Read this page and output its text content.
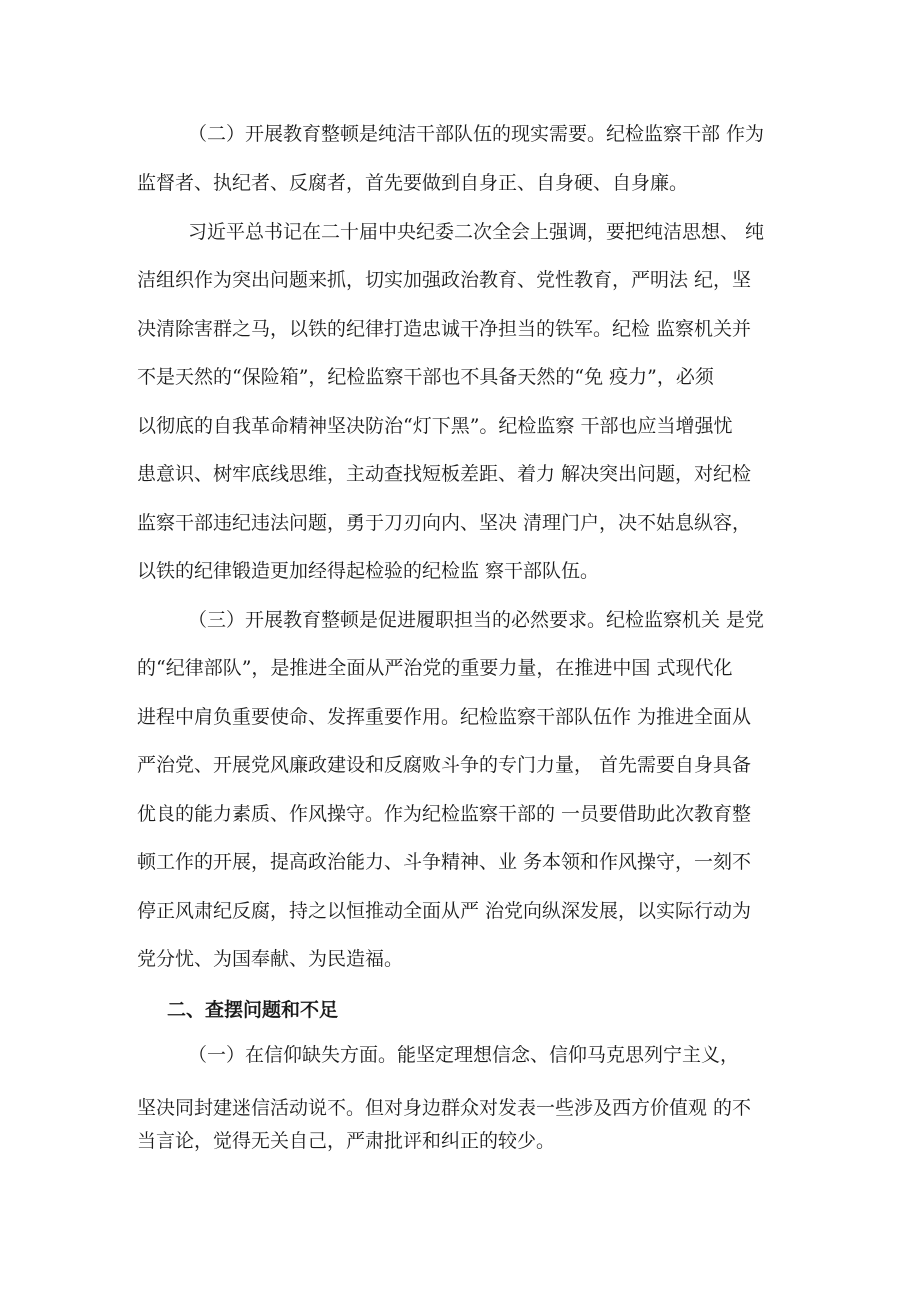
（二）开展教育整顿是纯洁干部队伍的现实需要。纪检监察干部 作为
监督者、执纪者、反腐者，首先要做到自身正、自身硬、自身廉。
习近平总书记在二十届中央纪委二次全会上强调，要把纯洁思想、 纯
洁组织作为突出问题来抓，切实加强政治教育、党性教育，严明法 纪，坚
决清除害群之马，以铁的纪律打造忠诚干净担当的铁军。纪检 监察机关并
不是天然的“保险箱”，纪检监察干部也不具备天然的“免 疫力”，必须
以彻底的自我革命精神坚决防治“灯下黑”。纪检监察 干部也应当增强忧
患意识、树牢底线思维，主动查找短板差距、着力 解决突出问题，对纪检
监察干部违纪违法问题，勇于刀刃向内、坚决 清理门户，决不姑息纵容，
以铁的纪律锻造更加经得起检验的纪检监 察干部队伍。
（三）开展教育整顿是促进履职担当的必然要求。纪检监察机关 是党
的“纪律部队”，是推进全面从严治党的重要力量，在推进中国 式现代化
进程中肩负重要使命、发挥重要作用。纪检监察干部队伍作 为推进全面从
严治党、开展党风廉政建设和反腐败斗争的专门力量， 首先需要自身具备
优良的能力素质、作风操守。作为纪检监察干部的 一员要借助此次教育整
顿工作的开展，提高政治能力、斗争精神、业 务本领和作风操守，一刻不
停正风肃纪反腐，持之以恒推动全面从严 治党向纵深发展，以实际行动为
党分忧、为国奉献、为民造福。
二、查摆问题和不足
（一）在信仰缺失方面。能坚定理想信念、信仰马克思列宁主义，
坚决同封建迷信活动说不。但对身边群众对发表一些涉及西方价值观 的不
当言论，觉得无关自己，严肃批评和纠正的较少。
